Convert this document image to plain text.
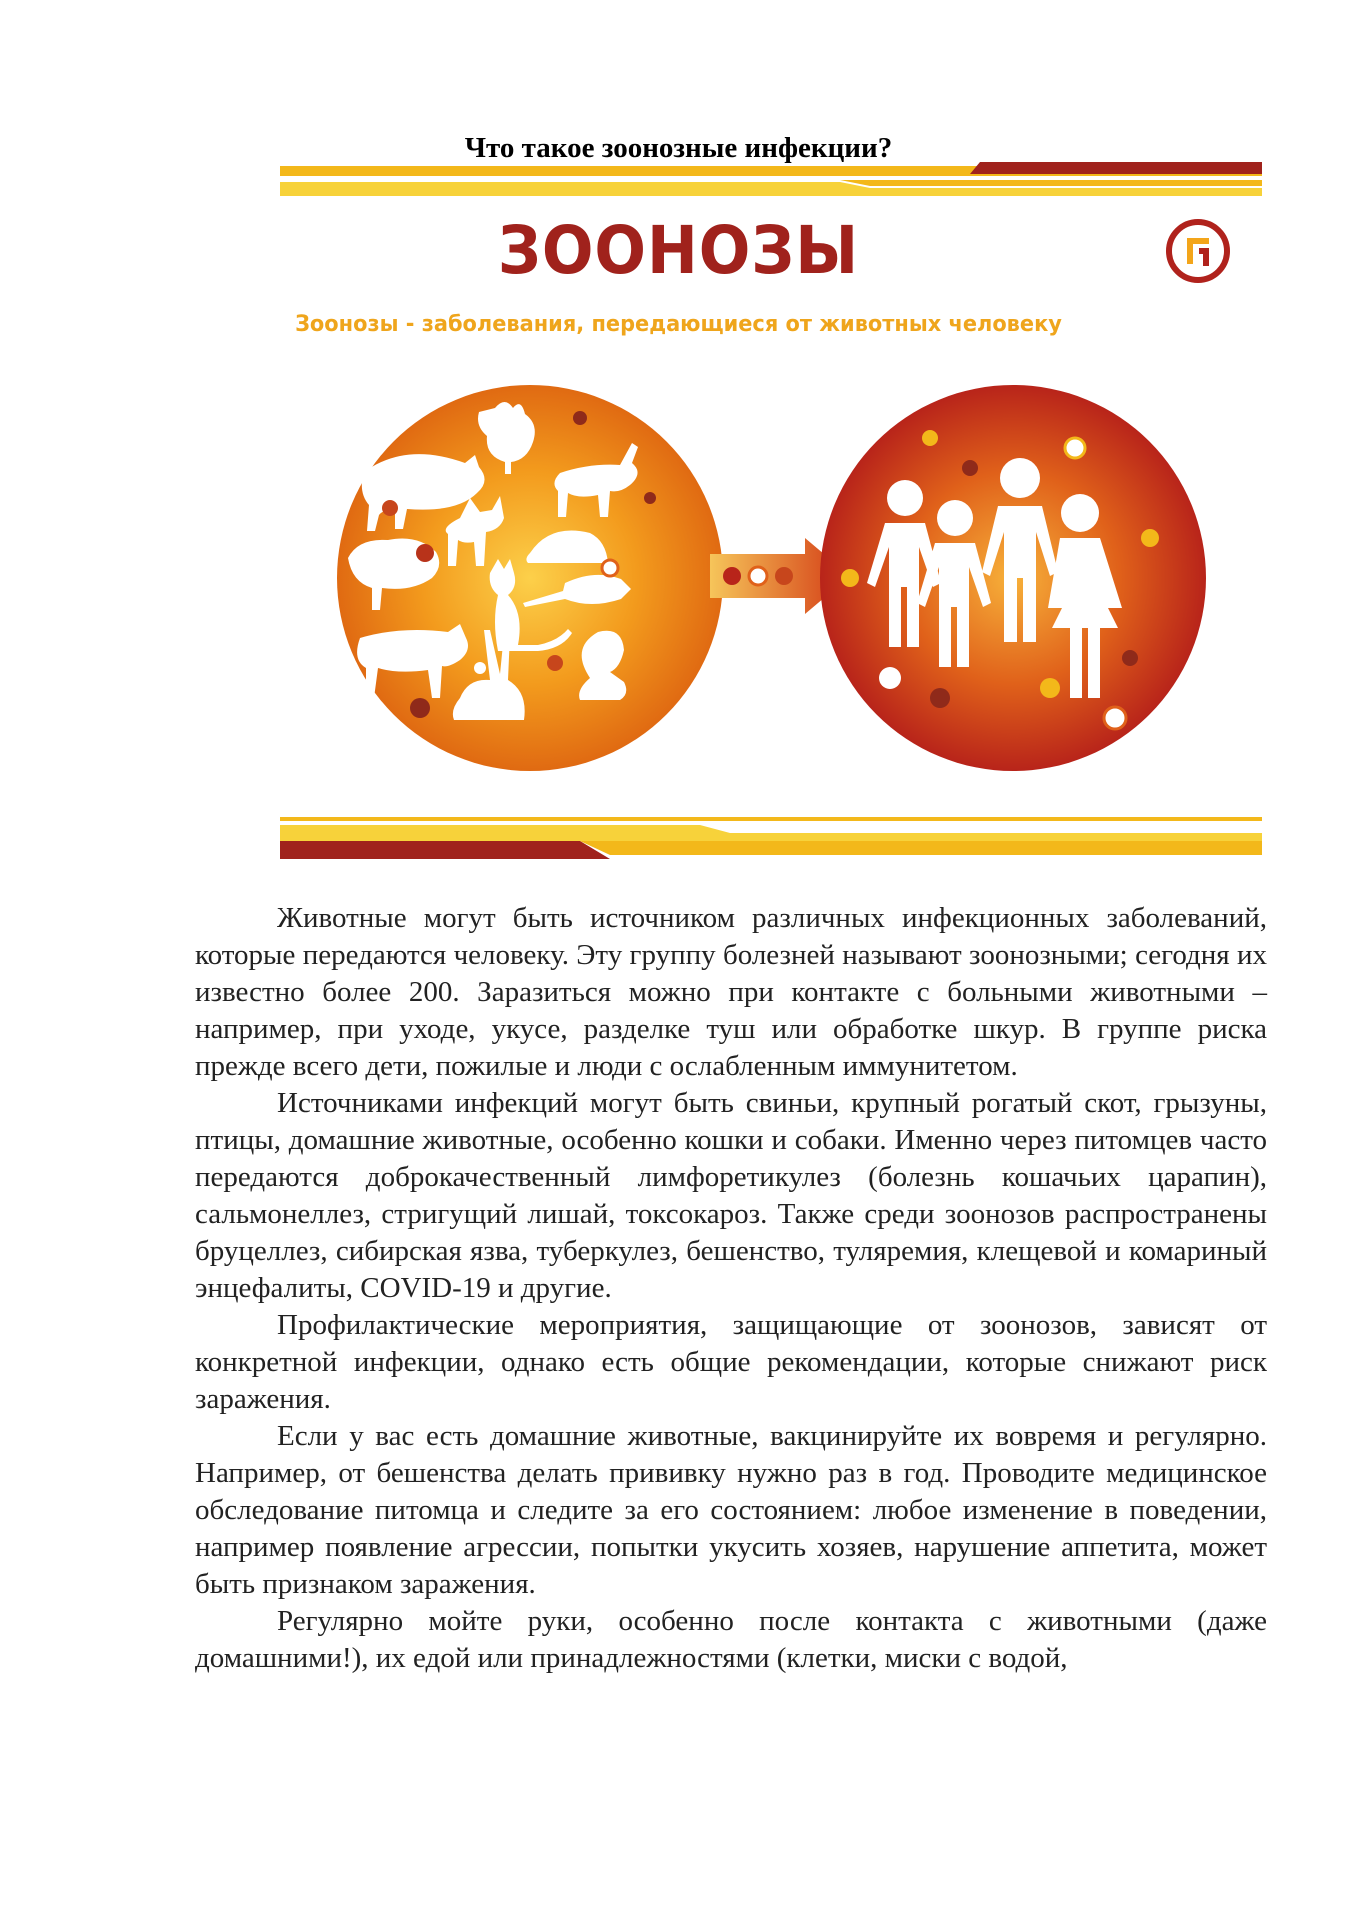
Что такое зоонозные инфекции?
ЗООНОЗЫ
Зоонозы - заболевания, передающиеся от животных человеку

Животные могут быть источником различных инфекционных заболеваний, которые передаются человеку. Эту группу болезней называют зоонозными; сегодня их известно более 200. Заразиться можно при контакте с больными животными – например, при уходе, укусе, разделке туш или обработке шкур. В группе риска прежде всего дети, пожилые и люди с ослабленным иммунитетом.

Источниками инфекций могут быть свиньи, крупный рогатый скот, грызуны, птицы, домашние животные, особенно кошки и собаки. Именно через питомцев часто передаются доброкачественный лимфоретикулез (болезнь кошачьих царапин), сальмонеллез, стригущий лишай, токсокароз. Также среди зоонозов распространены бруцеллез, сибирская язва, туберкулез, бешенство, туляремия, клещевой и комариный энцефалиты, COVID-19 и другие.

Профилактические мероприятия, защищающие от зоонозов, зависят от конкретной инфекции, однако есть общие рекомендации, которые снижают риск заражения.

Если у вас есть домашние животные, вакцинируйте их вовремя и регулярно. Например, от бешенства делать прививку нужно раз в год. Проводите медицинское обследование питомца и следите за его состоянием: любое изменение в поведении, например появление агрессии, попытки укусить хозяев, нарушение аппетита, может быть признаком заражения.

Регулярно мойте руки, особенно после контакта с животными (даже домашними!), их едой или принадлежностями (клетки, миски с водой,
